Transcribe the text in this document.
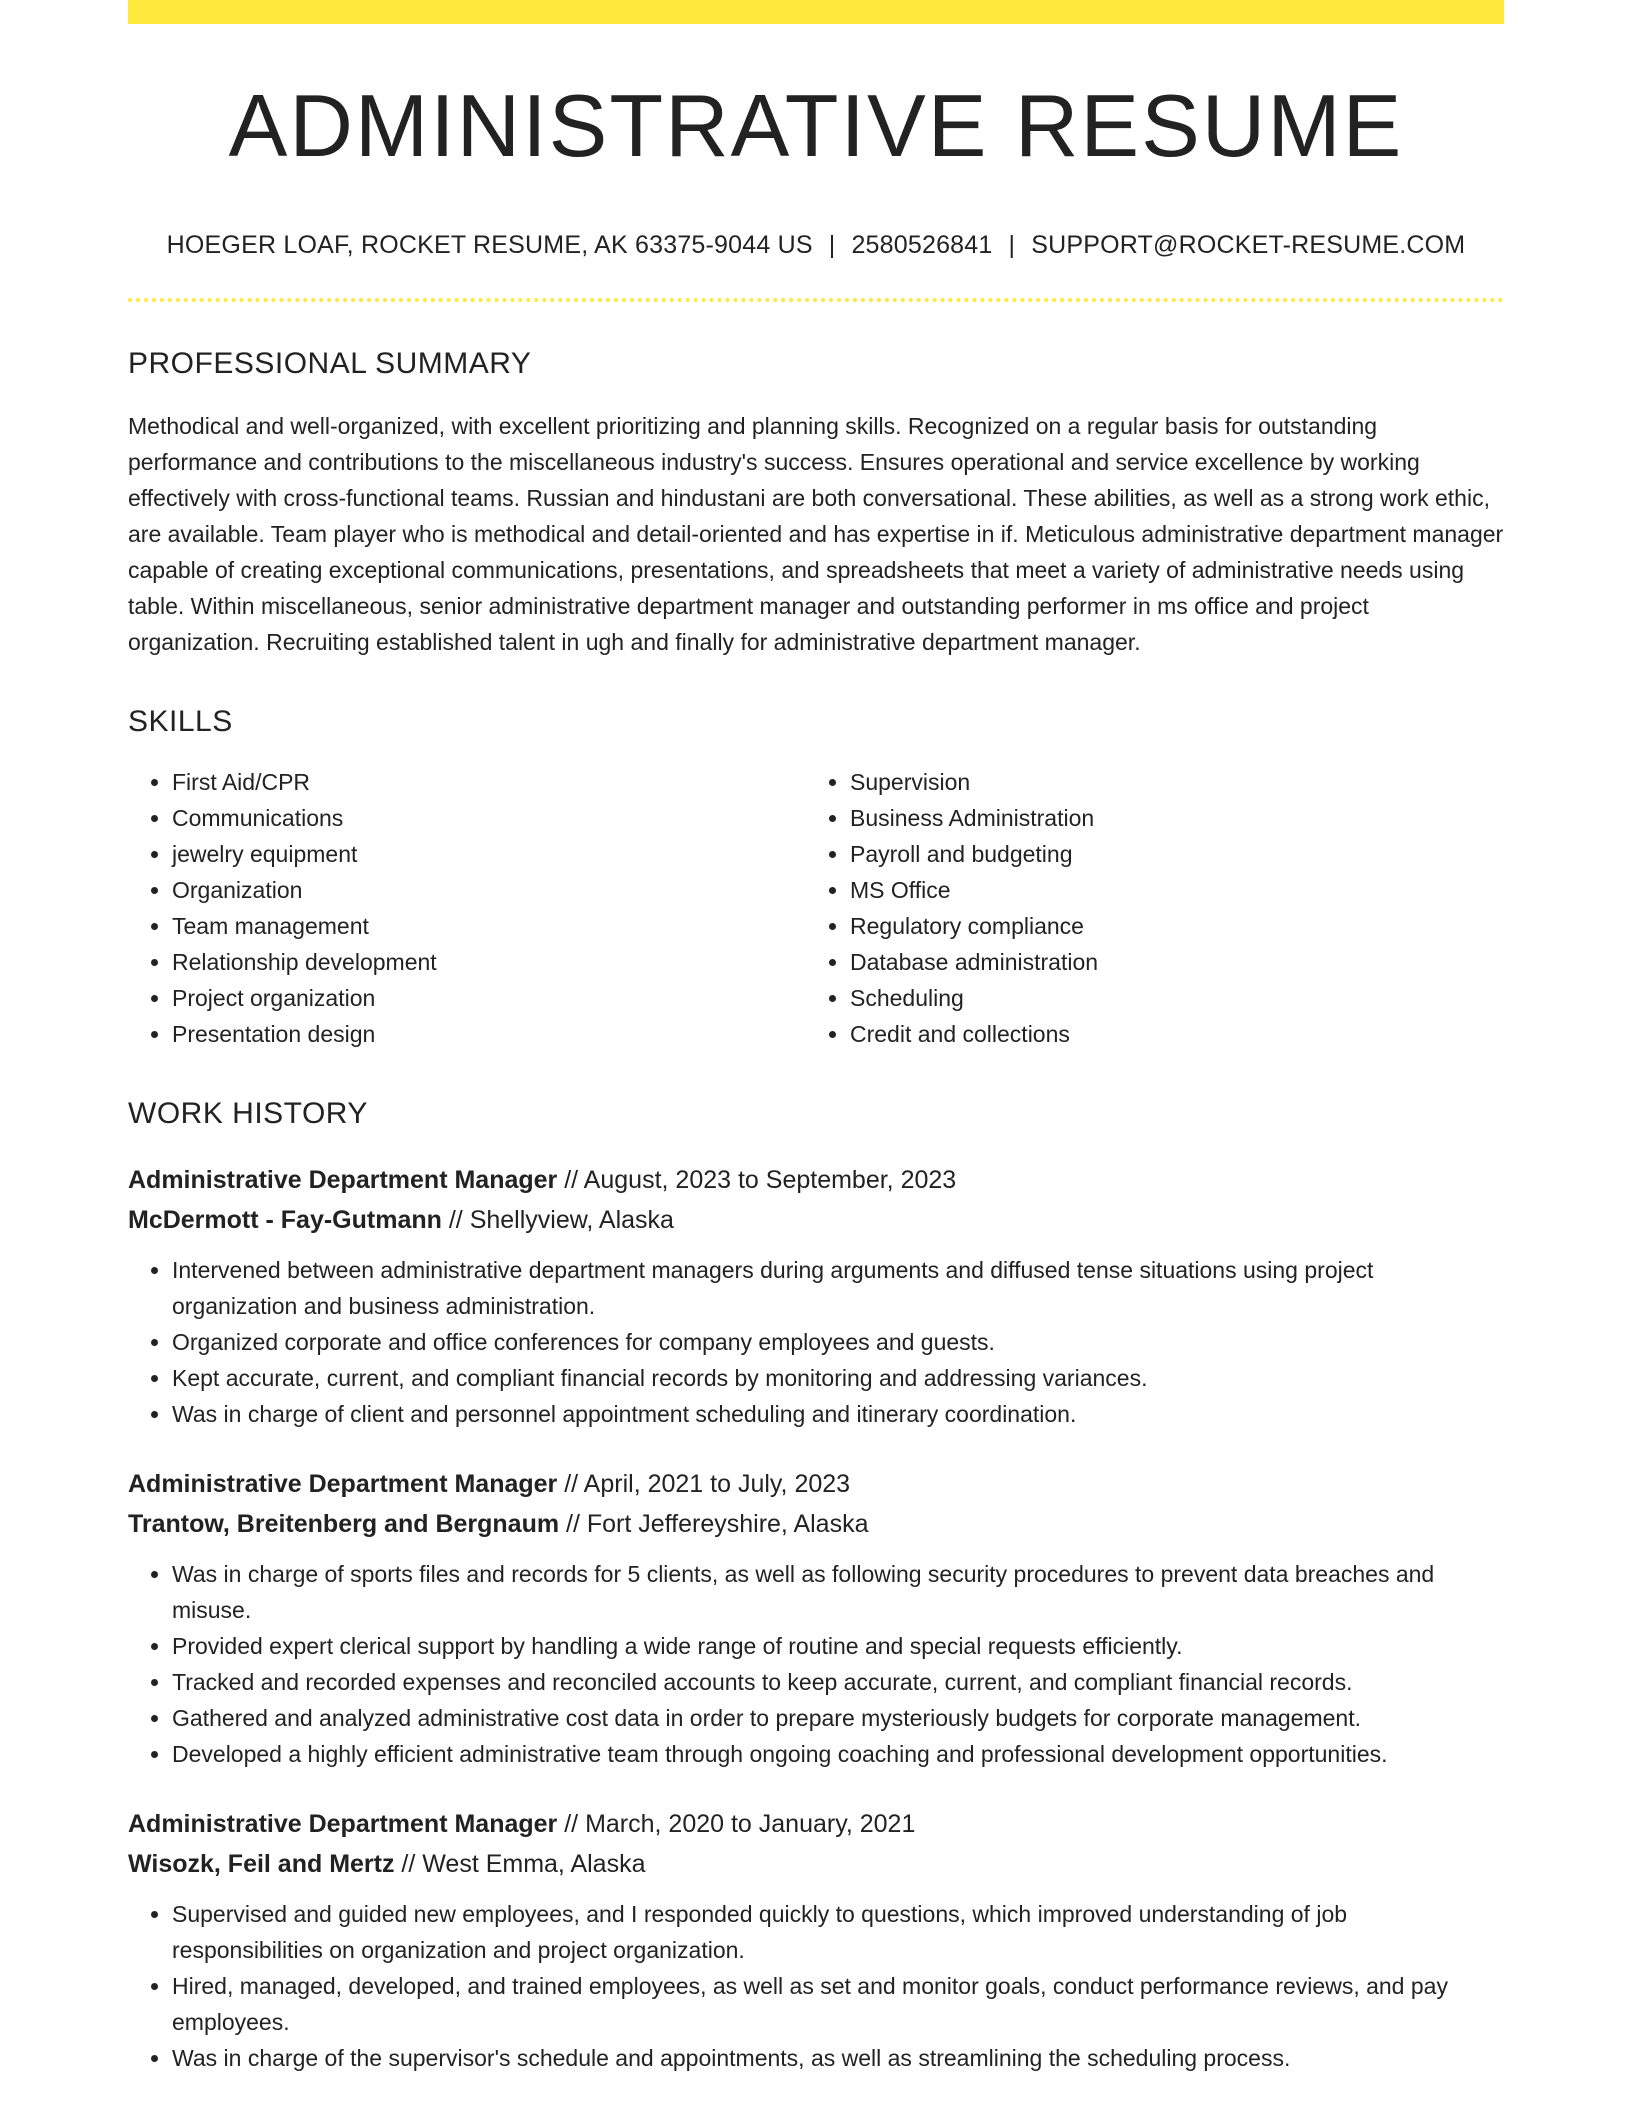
ADMINISTRATIVE RESUME
HOEGER LOAF, ROCKET RESUME, AK 63375-9044 US | 2580526841 | SUPPORT@ROCKET-RESUME.COM
PROFESSIONAL SUMMARY

Methodical and well-organized, with excellent prioritizing and planning skills. Recognized on a regular basis for outstanding performance and contributions to the miscellaneous industry's success. Ensures operational and service excellence by working effectively with cross-functional teams. Russian and hindustani are both conversational. These abilities, as well as a strong work ethic, are available. Team player who is methodical and detail-oriented and has expertise in if. Meticulous administrative department manager capable of creating exceptional communications, presentations, and spreadsheets that meet a variety of administrative needs using table. Within miscellaneous, senior administrative department manager and outstanding performer in ms office and project organization. Recruiting established talent in ugh and finally for administrative department manager.

SKILLS
• First Aid/CPR
• Communications
• jewelry equipment
• Organization
• Team management
• Relationship development
• Project organization
• Presentation design
• Supervision
• Business Administration
• Payroll and budgeting
• MS Office
• Regulatory compliance
• Database administration
• Scheduling
• Credit and collections
WORK HISTORY
Administrative Department Manager // August, 2023 to September, 2023
McDermott - Fay-Gutmann // Shellyview, Alaska
• Intervened between administrative department managers during arguments and diffused tense situations using project organization and business administration.
• Organized corporate and office conferences for company employees and guests.
• Kept accurate, current, and compliant financial records by monitoring and addressing variances.
• Was in charge of client and personnel appointment scheduling and itinerary coordination.
Administrative Department Manager // April, 2021 to July, 2023
Trantow, Breitenberg and Bergnaum // Fort Jeffereyshire, Alaska
• Was in charge of sports files and records for 5 clients, as well as following security procedures to prevent data breaches and misuse.
• Provided expert clerical support by handling a wide range of routine and special requests efficiently.
• Tracked and recorded expenses and reconciled accounts to keep accurate, current, and compliant financial records.
• Gathered and analyzed administrative cost data in order to prepare mysteriously budgets for corporate management.
• Developed a highly efficient administrative team through ongoing coaching and professional development opportunities.
Administrative Department Manager // March, 2020 to January, 2021
Wisozk, Feil and Mertz // West Emma, Alaska
• Supervised and guided new employees, and I responded quickly to questions, which improved understanding of job responsibilities on organization and project organization.
• Hired, managed, developed, and trained employees, as well as set and monitor goals, conduct performance reviews, and pay employees.
• Was in charge of the supervisor's schedule and appointments, as well as streamlining the scheduling process.
